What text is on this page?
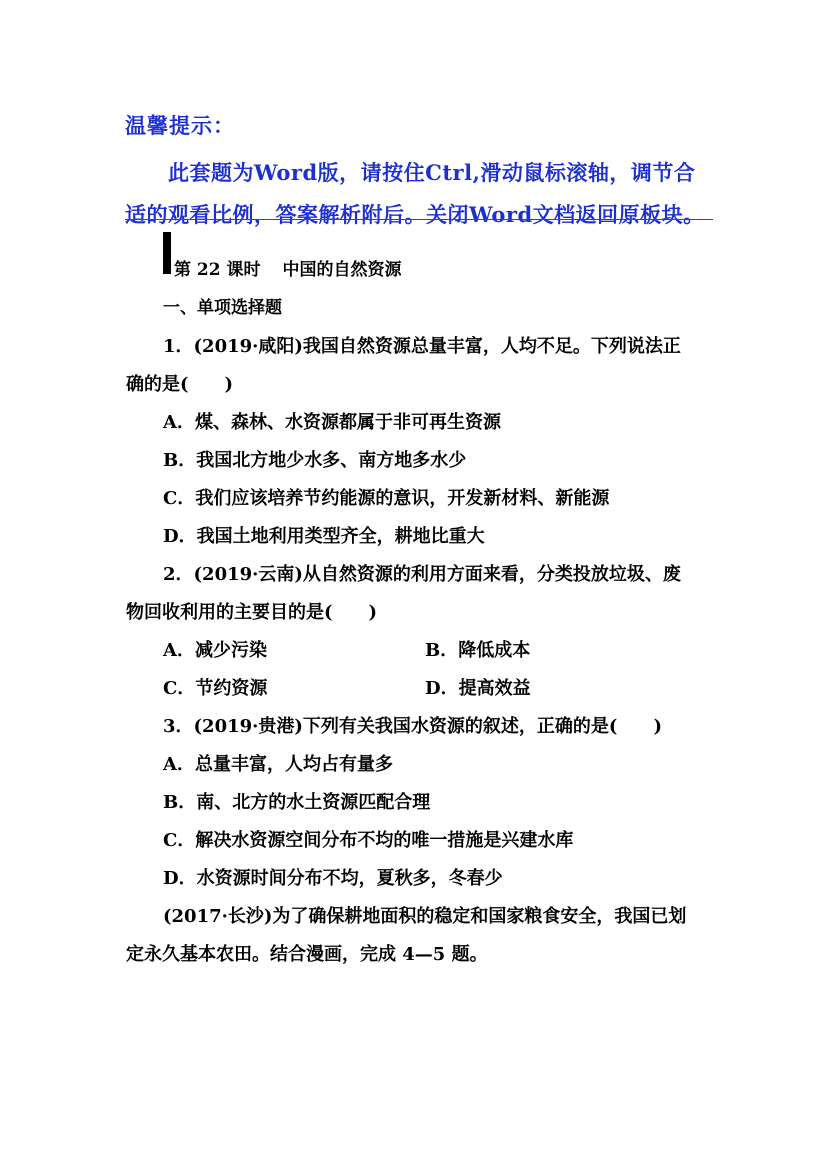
温馨提示：
此套题为Word版，请按住Ctrl,滑动鼠标滚轴，调节合
适的观看比例，答案解析附后。关闭Word文档返回原板块。
第 22 课时 中国的自然资源
一、单项选择题

1．(2019·咸阳)我国自然资源总量丰富，人均不足。下列说法正

确的是( )

A．煤、森林、水资源都属于非可再生资源

B．我国北方地少水多、南方地多水少

C．我们应该培养节约能源的意识，开发新材料、新能源

D．我国土地利用类型齐全，耕地比重大

2．(2019·云南)从自然资源的利用方面来看，分类投放垃圾、废

物回收利用的主要目的是( )

A．减少污染	B．降低成本
C．节约资源	D．提高效益

3．(2019·贵港)下列有关我国水资源的叙述，正确的是( )

A．总量丰富，人均占有量多

B．南、北方的水土资源匹配合理

C．解决水资源空间分布不均的唯一措施是兴建水库

D．水资源时间分布不均，夏秋多，冬春少

(2017·长沙)为了确保耕地面积的稳定和国家粮食安全，我国已划

定永久基本农田。结合漫画，完成 4—5 题。
